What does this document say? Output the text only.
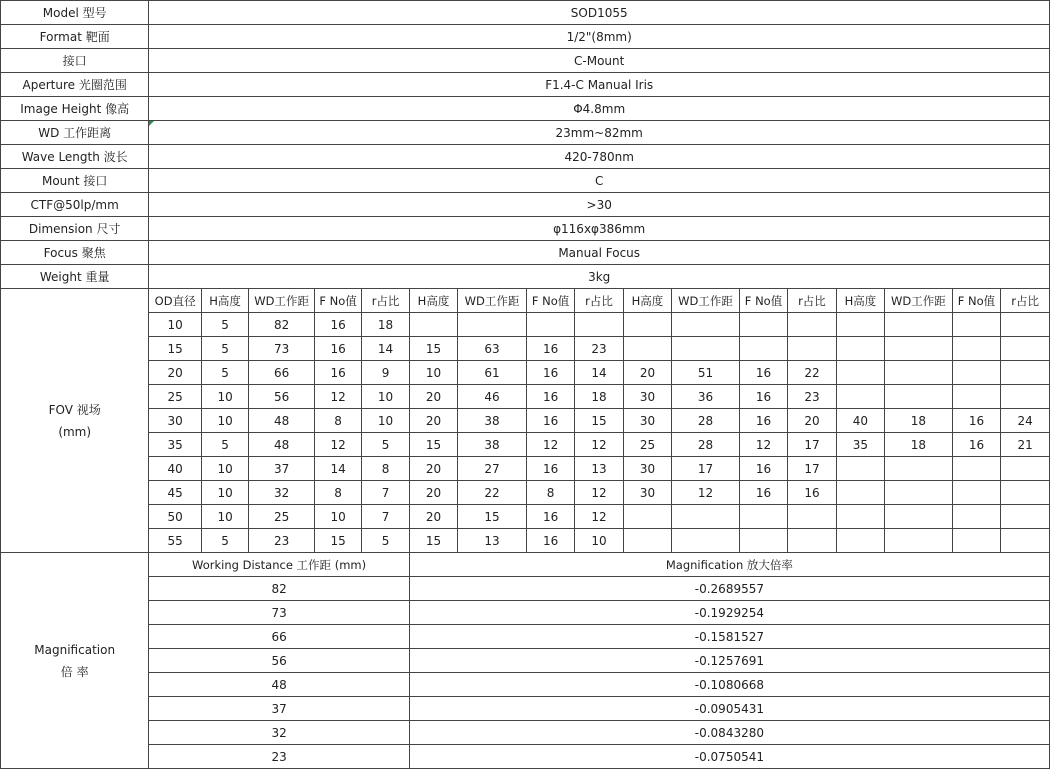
Model 型号	SOD1055																
Format 靶面	1/2"(8mm)																
接口	C-Mount																
Aperture 光圈范围	F1.4-C Manual Iris																
Image Height 像高	Φ4.8mm																
WD 工作距离	23mm~82mm																
Wave Length 波长	420-780nm																
Mount 接口	C																
CTF@50lp/mm	>30																
Dimension 尺寸	φ116xφ386mm																
Focus 聚焦	Manual Focus																
Weight 重量	3kg																
FOV 视场
(mm)	OD直径	H高度	WD工作距	F No值	r占比	H高度	WD工作距	F No值	r占比	H高度	WD工作距	F No值	r占比	H高度	WD工作距	F No值	r占比
	10	5	82	16	18												
	15	5	73	16	14	15	63	16	23								
	20	5	66	16	9	10	61	16	14	20	51	16	22				
	25	10	56	12	10	20	46	16	18	30	36	16	23				
	30	10	48	8	10	20	38	16	15	30	28	16	20	40	18	16	24
	35	5	48	12	5	15	38	12	12	25	28	12	17	35	18	16	21
	40	10	37	14	8	20	27	16	13	30	17	16	17				
	45	10	32	8	7	20	22	8	12	30	12	16	16				
	50	10	25	10	7	20	15	16	12								
	55	5	23	15	5	15	13	16	10								
Magnification
倍 率	Working Distance 工作距 (mm)					Magnification 放大倍率											
	82					-0.2689557											
	73					-0.1929254											
	66					-0.1581527											
	56					-0.1257691											
	48					-0.1080668											
	37					-0.0905431											
	32					-0.0843280											
	23					-0.0750541											
